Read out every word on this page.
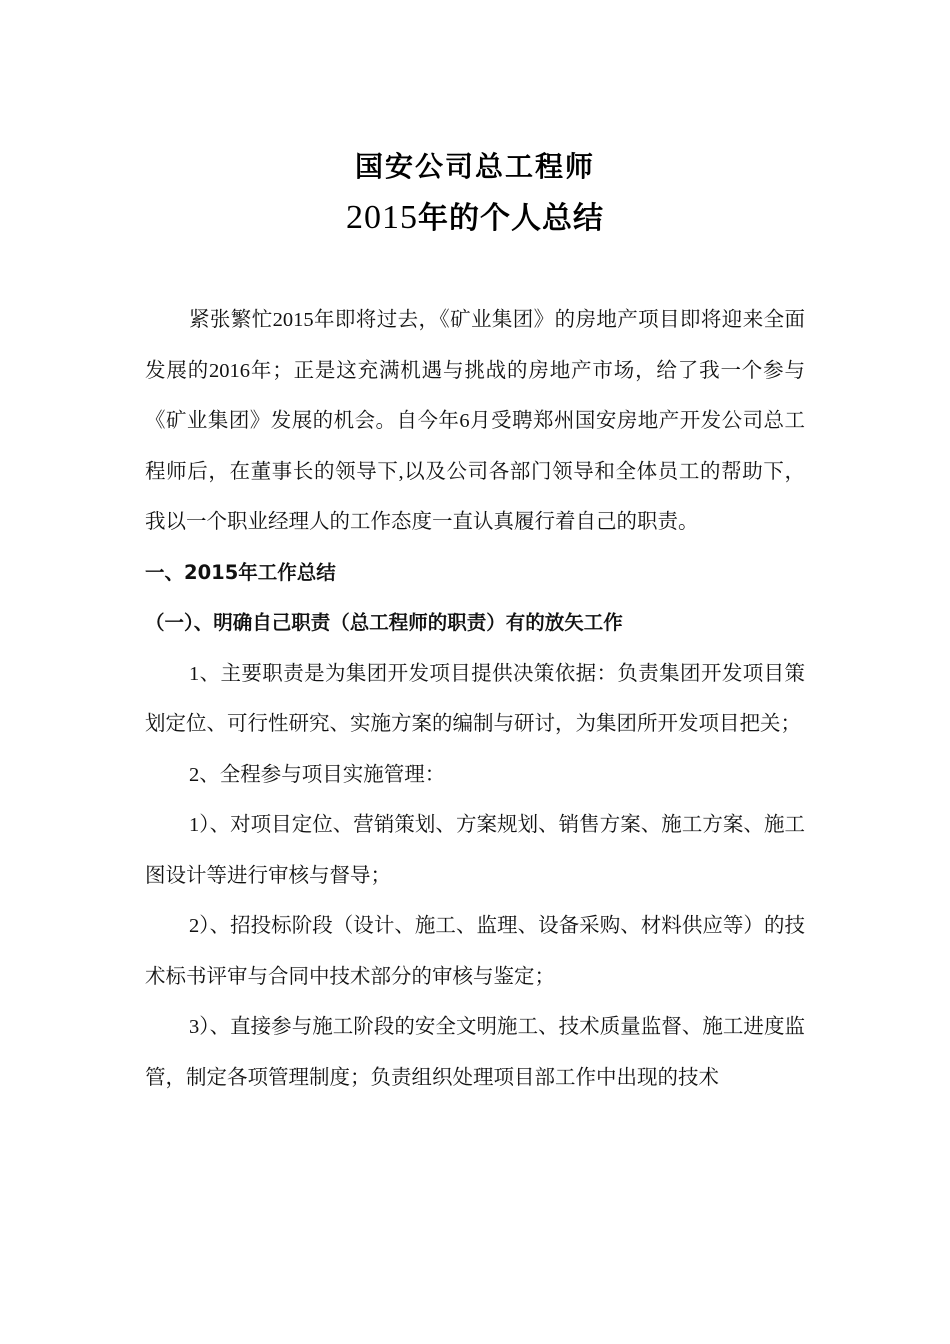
国安公司总工程师
2015年的个人总结

紧张繁忙2015年即将过去，《矿业集团》的房地产项目即将迎来全面发展的2016年；正是这充满机遇与挑战的房地产市场，给了我一个参与《矿业集团》发展的机会。自今年6月受聘郑州国安房地产开发公司总工程师后，在董事长的领导下,以及公司各部门领导和全体员工的帮助下，我以一个职业经理人的工作态度一直认真履行着自己的职责。

一、2015年工作总结

（一）、明确自己职责（总工程师的职责）有的放矢工作

1、主要职责是为集团开发项目提供决策依据：负责集团开发项目策划定位、可行性研究、实施方案的编制与研讨，为集团所开发项目把关；

2、全程参与项目实施管理：

1）、对项目定位、营销策划、方案规划、销售方案、施工方案、施工图设计等进行审核与督导；

2）、招投标阶段（设计、施工、监理、设备采购、材料供应等）的技术标书评审与合同中技术部分的审核与鉴定；

3）、直接参与施工阶段的安全文明施工、技术质量监督、施工进度监管，制定各项管理制度；负责组织处理项目部工作中出现的技术
